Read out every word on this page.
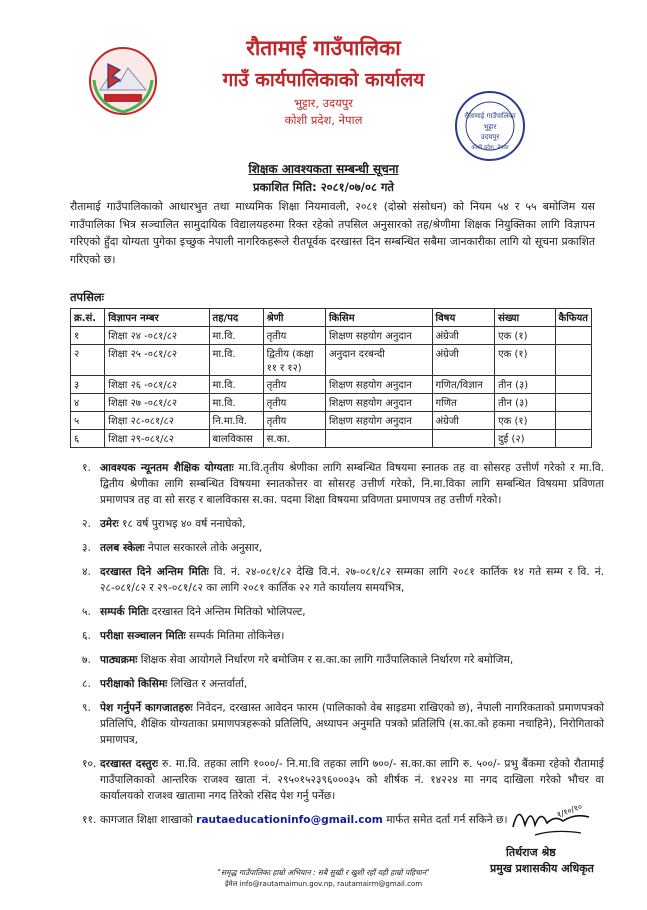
रौतामाई गाउँपालिका
गाउँ कार्यपालिकाको कार्यालय
भुट्टार, उदयपुर
कोशी प्रदेश, नेपाल	रौतामाई गाउँपालिका
भुट्टार
उदयपुर
कोशी प्रदेश, नेपाल
शिक्षक आवश्यकता सम्बन्धी सूचना
प्रकाशित मिति: २०८१/०७/०८ गते
रौतामाई गाउँपालिकाको आधारभुत तथा माध्यमिक शिक्षा नियमावली, २०८१ (दोस्रो संसोधन) को नियम ५४ र ५५ बमोजिम यस गाउँपालिका भित्र सञ्चालित सामुदायिक विद्यालयहरुमा रिक्त रहेको तपसिल अनुसारको तह/श्रेणीमा शिक्षक नियुक्तिका लागि विज्ञापन गरिएको हुँदा योग्यता पुगेका इच्छुक नेपाली नागरिकहरूले रीतपूर्वक दरखास्त दिन सम्बन्धित सबैमा जानकारीका लागि यो सूचना प्रकाशित गरिएको छ।
तपसिलः
क्र.सं.	विज्ञापन नम्बर	तह/पद	श्रेणी	किसिम	विषय	संख्या	कैफियत
१	शिक्षा २४ -०८१/८२	मा.वि.	तृतीय	शिक्षण सहयोग अनुदान	अंग्रेजी	एक (१)	
२	शिक्षा २५ -०८१/८२	मा.वि.	द्वितीय (कक्षा ११ र १२)	अनुदान दरबन्दी	अंग्रेजी	एक (१)	
३	शिक्षा २६ -०८१/८२	मा.वि.	तृतीय	शिक्षण सहयोग अनुदान	गणित/विज्ञान	तीन (३)	
४	शिक्षा २७ -०८१/८२	मा.वि.	तृतीय	शिक्षण सहयोग अनुदान	गणित	तीन (३)	
५	शिक्षा २८-०८१/८२	नि.मा.वि.	तृतीय	शिक्षण सहयोग अनुदान	अंग्रेजी	एक (१)	
६	शिक्षा २९-०८१/८२	बालविकास	स.का.			दुई (२)	
१. आवश्यक न्यूनतम शैक्षिक योग्यताः मा.वि.तृतीय श्रेणीका लागि सम्बन्धित विषयमा स्नातक तह वा सोसरह उत्तीर्ण गरेको र मा.वि. द्वितीय श्रेणीका लागि सम्बन्धित विषयमा स्नातकोत्तर वा सोसरह उत्तीर्ण गरेको, नि.मा.विका लागि सम्बन्धित विषयमा प्रविणता प्रमाणपत्र तह वा सो सरह र बालविकास स.का. पदमा शिक्षा विषयमा प्रविणता प्रमाणपत्र तह उत्तीर्ण गरेको।
२. उमेरः १८ वर्ष पुराभइ ४० वर्ष ननाघेको,
३. तलब स्केलः नेपाल सरकारले तोके अनुसार,
४. दरखास्त दिने अन्तिम मितिः वि. नं. २४-०८१/८२ देखि वि.नं. २७-०८१/८२ सम्मका लागि २०८१ कार्तिक १४ गते सम्म र वि. नं. २८-०८१/८२ र २९-०८१/८२ का लागि २०८१ कार्तिक २२ गते कार्यालय समयभित्र,
५. सम्पर्क मितिः दरखास्त दिने अन्तिम मितिको भोलिपल्ट,
६. परीक्षा सञ्चालन मितिः सम्पर्क मितिमा तोकिनेछ।
७. पाठ्यक्रमः शिक्षक सेवा आयोगले निर्धारण गरे बमोजिम र स.का.का लागि गाउँपालिकाले निर्धारण गरे बमोजिम,
८. परीक्षाको किसिमः लिखित र अन्तर्वार्ता,
९. पेश गर्नुपर्ने कागजातहरुः निवेदन, दरखास्त आवेदन फारम (पालिकाको वेब साइडमा राखिएको छ), नेपाली नागरिकताको प्रमाणपत्रको प्रतिलिपि, शैक्षिक योग्यताका प्रमाणपत्रहरूको प्रतिलिपि, अध्यापन अनुमति पत्रको प्रतिलिपि (स.का.को हकमा नचाहिने), निरोगिताको प्रमाणपत्र,
१०. दरखास्त दस्तुरः रु. मा.वि. तहका लागि १०००/- नि.मा.वि तहका लागि ७००/- स.का.का लागि रु. ५००/- प्रभु बैंकमा रहेको रौतामाई गाउँपालिकाको आन्तरिक राजश्व खाता नं. २९५०१५२३९६०००३५ को शीर्षक नं. १४२२४ मा नगद दाखिला गरेको भौचर वा कार्यालयको राजश्व खातामा नगद तिरेको रसिद पेश गर्नु पर्नेछ।
११. कागजात शिक्षा शाखाको rautaeducationinfo@gmail.com मार्फत समेत दर्ता गर्न सकिने छ।
१/१०/१०
तिर्थराज श्रेष्ठ
प्रमुख प्रशासकीय अधिकृत
"समृद्ध गाउँपालिका हाम्रो अभियान : सबै सुखी र खुशी रहौं यही हाम्रो पहिचान"
ईमेल info@rautamaimun.gov.np, rautamairm@gmail.com
